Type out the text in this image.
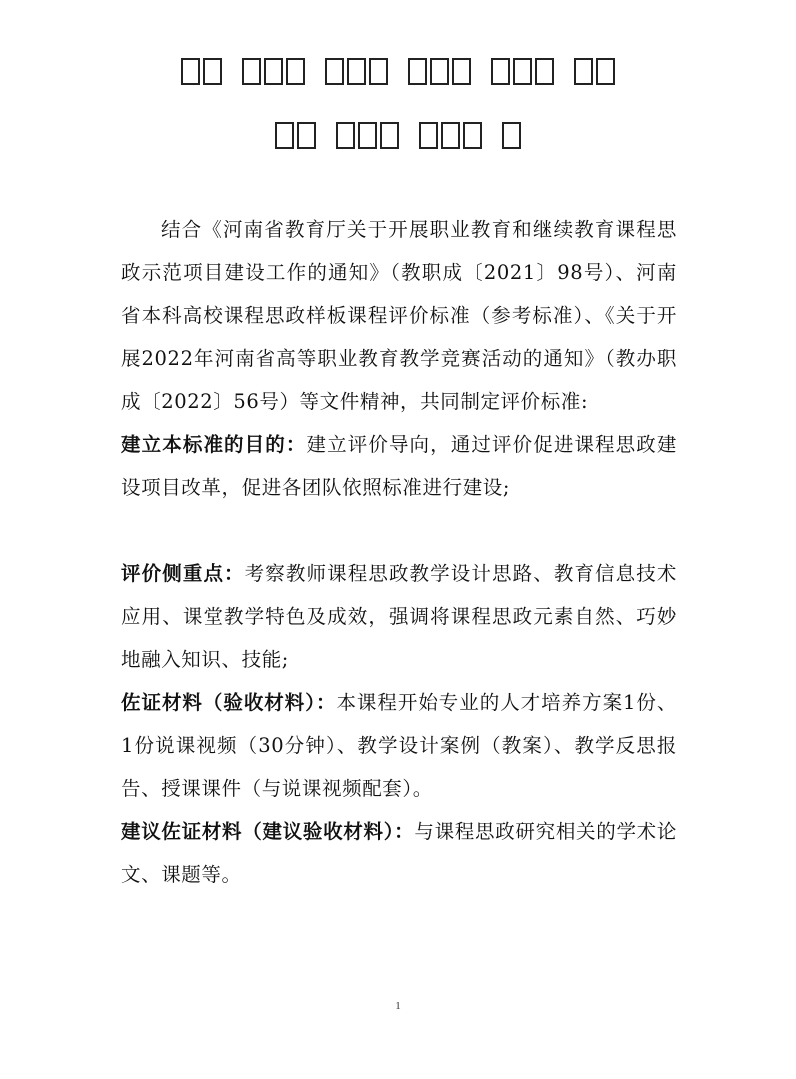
结合《河南省教育厅关于开展职业教育和继续教育课程思政示范项目建设工作的通知》（教职成〔2021〕98号）、河南省本科高校课程思政样板课程评价标准（参考标准）、《关于开展2022年河南省高等职业教育教学竞赛活动的通知》（教办职成〔2022〕56号）等文件精神，共同制定评价标准:

建立本标准的目的：建立评价导向，通过评价促进课程思政建设项目改革，促进各团队依照标准进行建设;

评价侧重点：考察教师课程思政教学设计思路、教育信息技术应用、课堂教学特色及成效，强调将课程思政元素自然、巧妙地融入知识、技能;

佐证材料（验收材料）：本课程开始专业的人才培养方案1份、1份说课视频（30分钟）、教学设计案例（教案）、教学反思报告、授课课件（与说课视频配套）。

建议佐证材料（建议验收材料）：与课程思政研究相关的学术论文、课题等。

1
